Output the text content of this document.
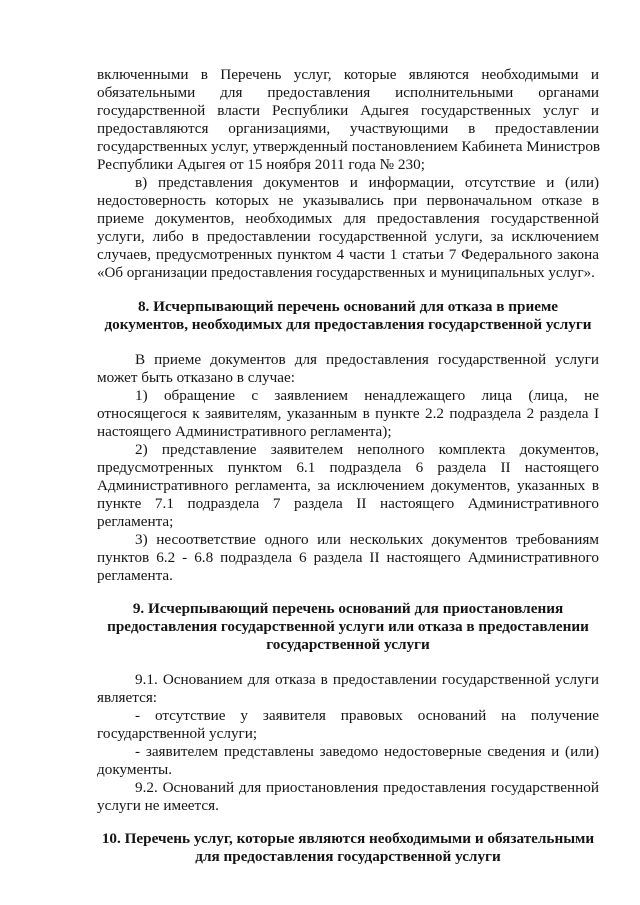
включенными в Перечень услуг, которые являются необходимыми и
обязательными для предоставления исполнительными органами
государственной власти Республики Адыгея государственных услуг и
предоставляются организациями, участвующими в предоставлении
государственных услуг, утвержденный постановлением Кабинета Министров
Республики Адыгея от 15 ноября 2011 года № 230;
в) представления документов и информации, отсутствие и (или)
недостоверность которых не указывались при первоначальном отказе в
приеме документов, необходимых для предоставления государственной
услуги, либо в предоставлении государственной услуги, за исключением
случаев, предусмотренных пунктом 4 части 1 статьи 7 Федерального закона
«Об организации предоставления государственных и муниципальных услуг».
8. Исчерпывающий перечень оснований для отказа в приеме
документов, необходимых для предоставления государственной услуги
В приеме документов для предоставления государственной услуги
может быть отказано в случае:
1) обращение с заявлением ненадлежащего лица (лица, не
относящегося к заявителям, указанным в пункте 2.2 подраздела 2 раздела I
настоящего Административного регламента);
2) представление заявителем неполного комплекта документов,
предусмотренных пунктом 6.1 подраздела 6 раздела II настоящего
Административного регламента, за исключением документов, указанных в
пункте 7.1 подраздела 7 раздела II настоящего Административного
регламента;
3) несоответствие одного или нескольких документов требованиям
пунктов 6.2 - 6.8 подраздела 6 раздела II настоящего Административного
регламента.
9. Исчерпывающий перечень оснований для приостановления
предоставления государственной услуги или отказа в предоставлении
государственной услуги
9.1. Основанием для отказа в предоставлении государственной услуги
является:
- отсутствие у заявителя правовых оснований на получение
государственной услуги;
- заявителем представлены заведомо недостоверные сведения и (или)
документы.
9.2. Оснований для приостановления предоставления государственной
услуги не имеется.
10. Перечень услуг, которые являются необходимыми и обязательными
для предоставления государственной услуги
